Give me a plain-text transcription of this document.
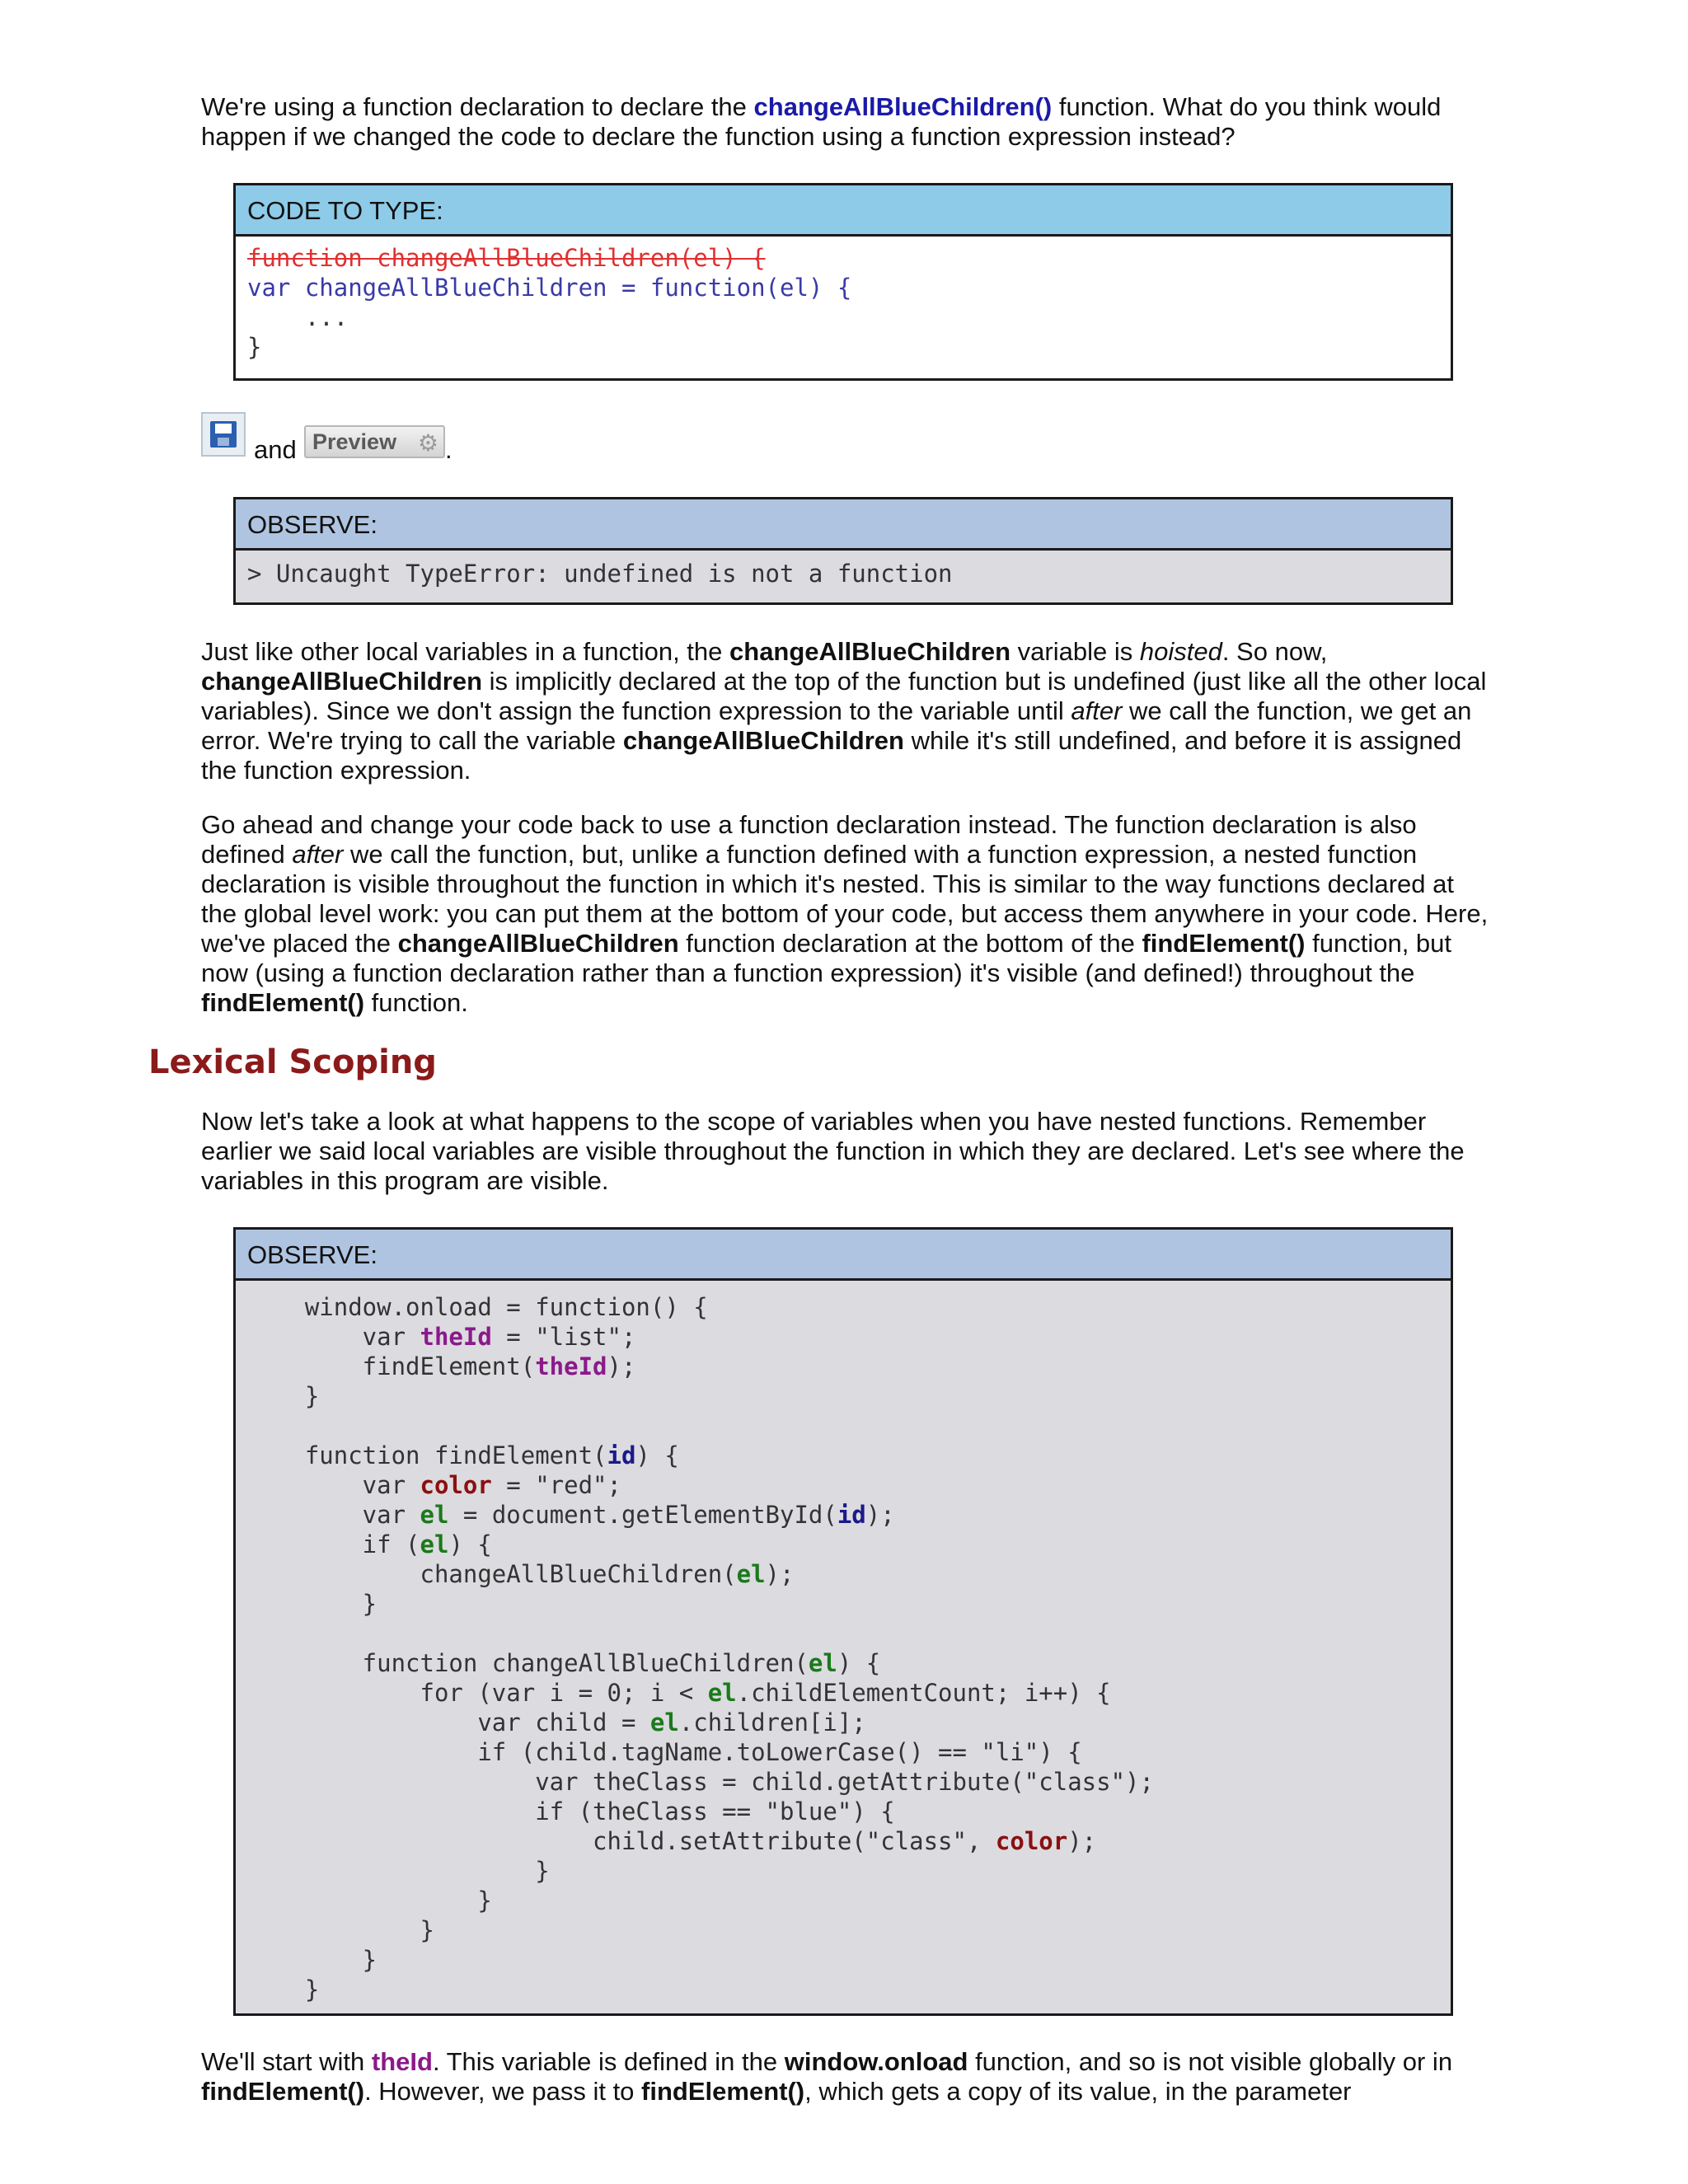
We're using a function declaration to declare the changeAllBlueChildren() function. What do you think would happen if we changed the code to declare the function using a function expression instead?

CODE TO TYPE:
function changeAllBlueChildren(el) {
var changeAllBlueChildren = function(el) {
...
}
and Preview ⚙ .
OBSERVE:
> Uncaught TypeError: undefined is not a function

Just like other local variables in a function, the changeAllBlueChildren variable is hoisted. So now, changeAllBlueChildren is implicitly declared at the top of the function but is undefined (just like all the other local variables). Since we don't assign the function expression to the variable until after we call the function, we get an error. We're trying to call the variable changeAllBlueChildren while it's still undefined, and before it is assigned the function expression.

Go ahead and change your code back to use a function declaration instead. The function declaration is also defined after we call the function, but, unlike a function defined with a function expression, a nested function declaration is visible throughout the function in which it's nested. This is similar to the way functions declared at the global level work: you can put them at the bottom of your code, but access them anywhere in your code. Here, we've placed the changeAllBlueChildren function declaration at the bottom of the findElement() function, but now (using a function declaration rather than a function expression) it's visible (and defined!) throughout the findElement() function.

Lexical Scoping

Now let's take a look at what happens to the scope of variables when you have nested functions. Remember earlier we said local variables are visible throughout the function in which they are declared. Let's see where the variables in this program are visible.

OBSERVE:
window.onload = function() {
var theId = "list";
findElement(theId);
}

function findElement(id) {
var color = "red";
var el = document.getElementById(id);
if (el) {
changeAllBlueChildren(el);
}

function changeAllBlueChildren(el) {
for (var i = 0; i < el.childElementCount; i++) {
var child = el.children[i];
if (child.tagName.toLowerCase() == "li") {
var theClass = child.getAttribute("class");
if (theClass == "blue") {
child.setAttribute("class", color);
}
}
}
}
}

We'll start with theId. This variable is defined in the window.onload function, and so is not visible globally or in findElement(). However, we pass it to findElement(), which gets a copy of its value, in the parameter
